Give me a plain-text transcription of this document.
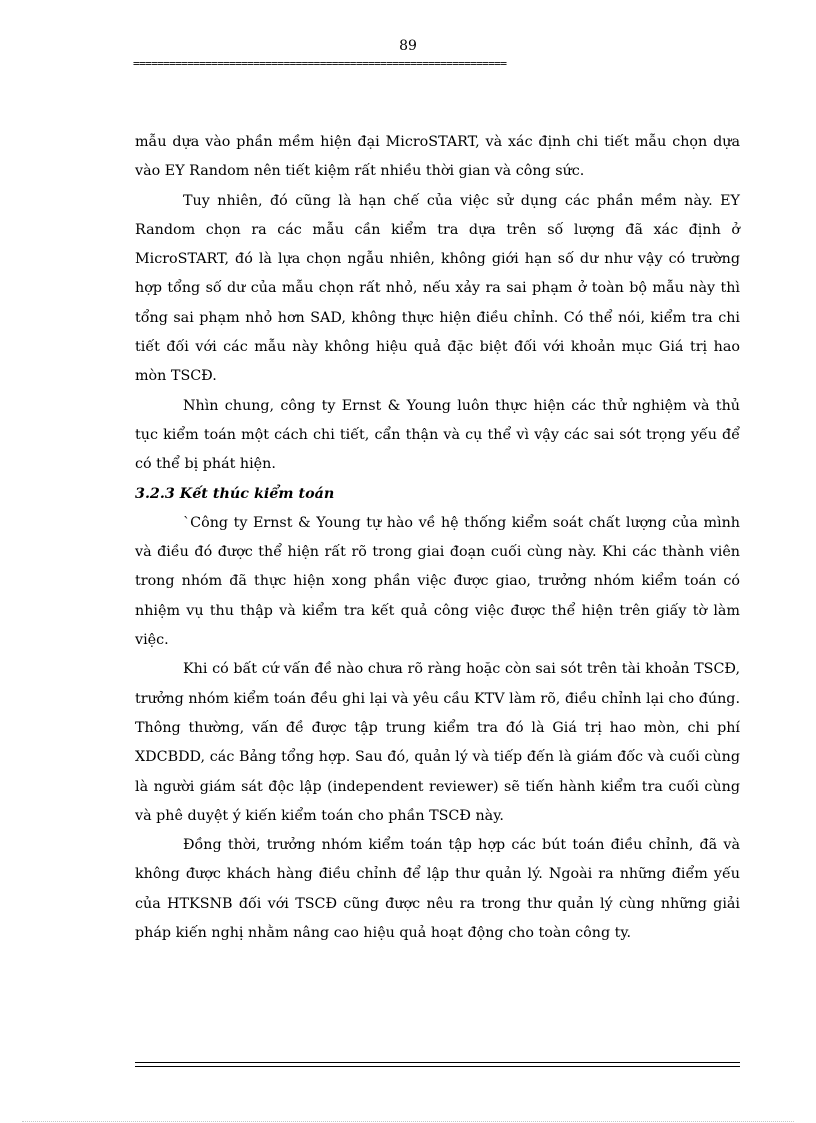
89
==============================================================

mẫu dựa vào phần mềm hiện đại MicroSTART, và xác định chi tiết mẫu chọn dựa vào EY Random nên tiết kiệm rất nhiều thời gian và công sức.

Tuy nhiên, đó cũng là hạn chế của việc sử dụng các phần mềm này. EY Random chọn ra các mẫu cần kiểm tra dựa trên số lượng đã xác định ở MicroSTART, đó là lựa chọn ngẫu nhiên, không giới hạn số dư như vậy có trường hợp tổng số dư của mẫu chọn rất nhỏ, nếu xảy ra sai phạm ở toàn bộ mẫu này thì tổng sai phạm nhỏ hơn SAD, không thực hiện điều chỉnh. Có thể nói, kiểm tra chi tiết đối với các mẫu này không hiệu quả đặc biệt đối với khoản mục Giá trị hao mòn TSCĐ.

Nhìn chung, công ty Ernst & Young luôn thực hiện các thử nghiệm và thủ tục kiểm toán một cách chi tiết, cẩn thận và cụ thể vì vậy các sai sót trọng yếu để có thể bị phát hiện.

3.2.3 Kết thúc kiểm toán

`Công ty Ernst & Young tự hào về hệ thống kiểm soát chất lượng của mình và điều đó được thể hiện rất rõ trong giai đoạn cuối cùng này. Khi các thành viên trong nhóm đã thực hiện xong phần việc được giao, trưởng nhóm kiểm toán có nhiệm vụ thu thập và kiểm tra kết quả công việc được thể hiện trên giấy tờ làm việc.

Khi có bất cứ vấn đề nào chưa rõ ràng hoặc còn sai sót trên tài khoản TSCĐ, trưởng nhóm kiểm toán đều ghi lại và yêu cầu KTV làm rõ, điều chỉnh lại cho đúng. Thông thường, vấn đề được tập trung kiểm tra đó là Giá trị hao mòn, chi phí XDCBDD, các Bảng tổng hợp. Sau đó, quản lý và tiếp đến là giám đốc và cuối cùng là người giám sát độc lập (independent reviewer) sẽ tiến hành kiểm tra cuối cùng và phê duyệt ý kiến kiểm toán cho phần TSCĐ này.

Đồng thời, trưởng nhóm kiểm toán tập hợp các bút toán điều chỉnh, đã và không được khách hàng điều chỉnh để lập thư quản lý. Ngoài ra những điểm yếu của HTKSNB đối với TSCĐ cũng được nêu ra trong thư quản lý cùng những giải pháp kiến nghị nhằm nâng cao hiệu quả hoạt động cho toàn công ty.
